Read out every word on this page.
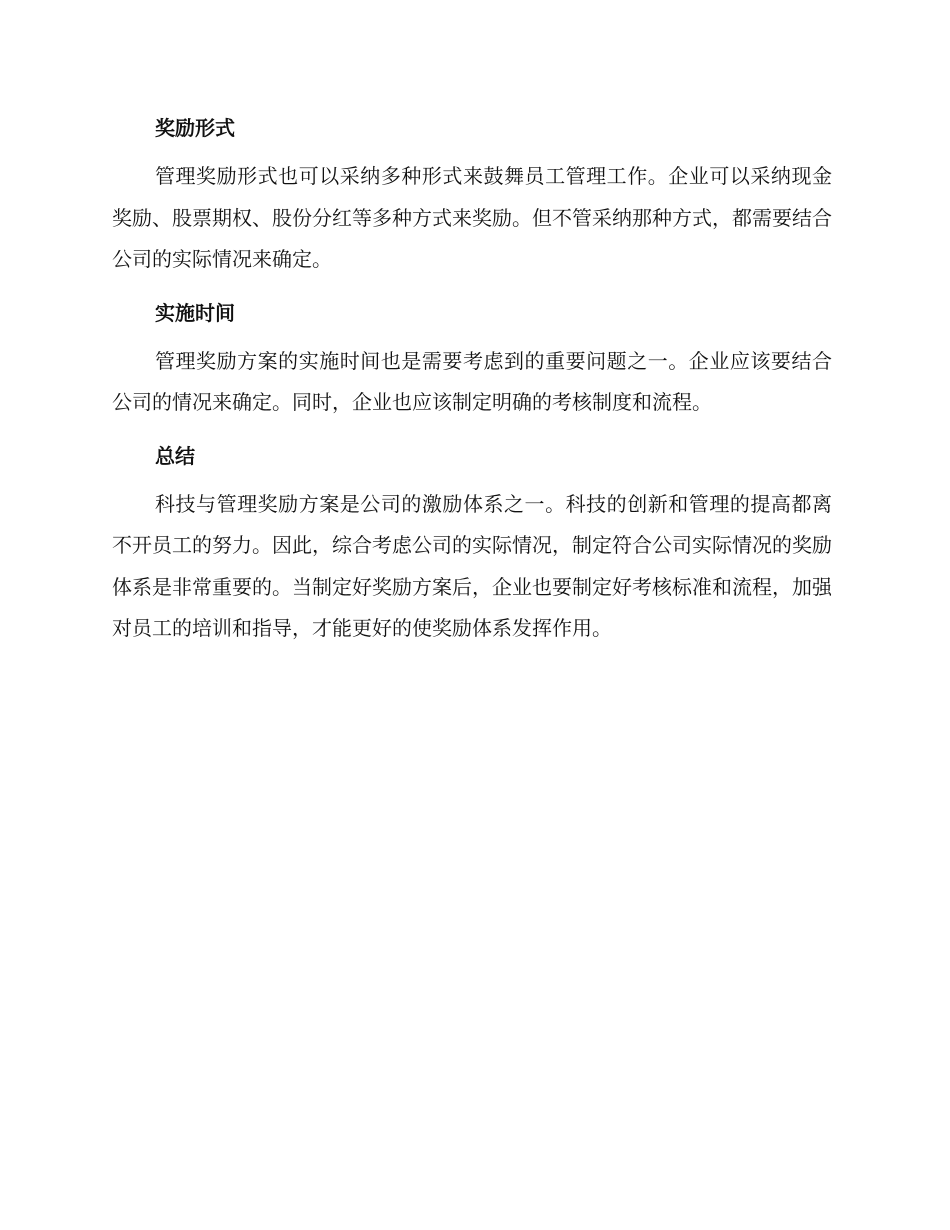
奖励形式

管理奖励形式也可以采纳多种形式来鼓舞员工管理工作。企业可以采纳现金奖励、股票期权、股份分红等多种方式来奖励。但不管采纳那种方式，都需要结合公司的实际情况来确定。

实施时间

管理奖励方案的实施时间也是需要考虑到的重要问题之一。企业应该要结合公司的情况来确定。同时，企业也应该制定明确的考核制度和流程。

总结

科技与管理奖励方案是公司的激励体系之一。科技的创新和管理的提高都离不开员工的努力。因此，综合考虑公司的实际情况，制定符合公司实际情况的奖励体系是非常重要的。当制定好奖励方案后，企业也要制定好考核标准和流程，加强对员工的培训和指导，才能更好的使奖励体系发挥作用。
